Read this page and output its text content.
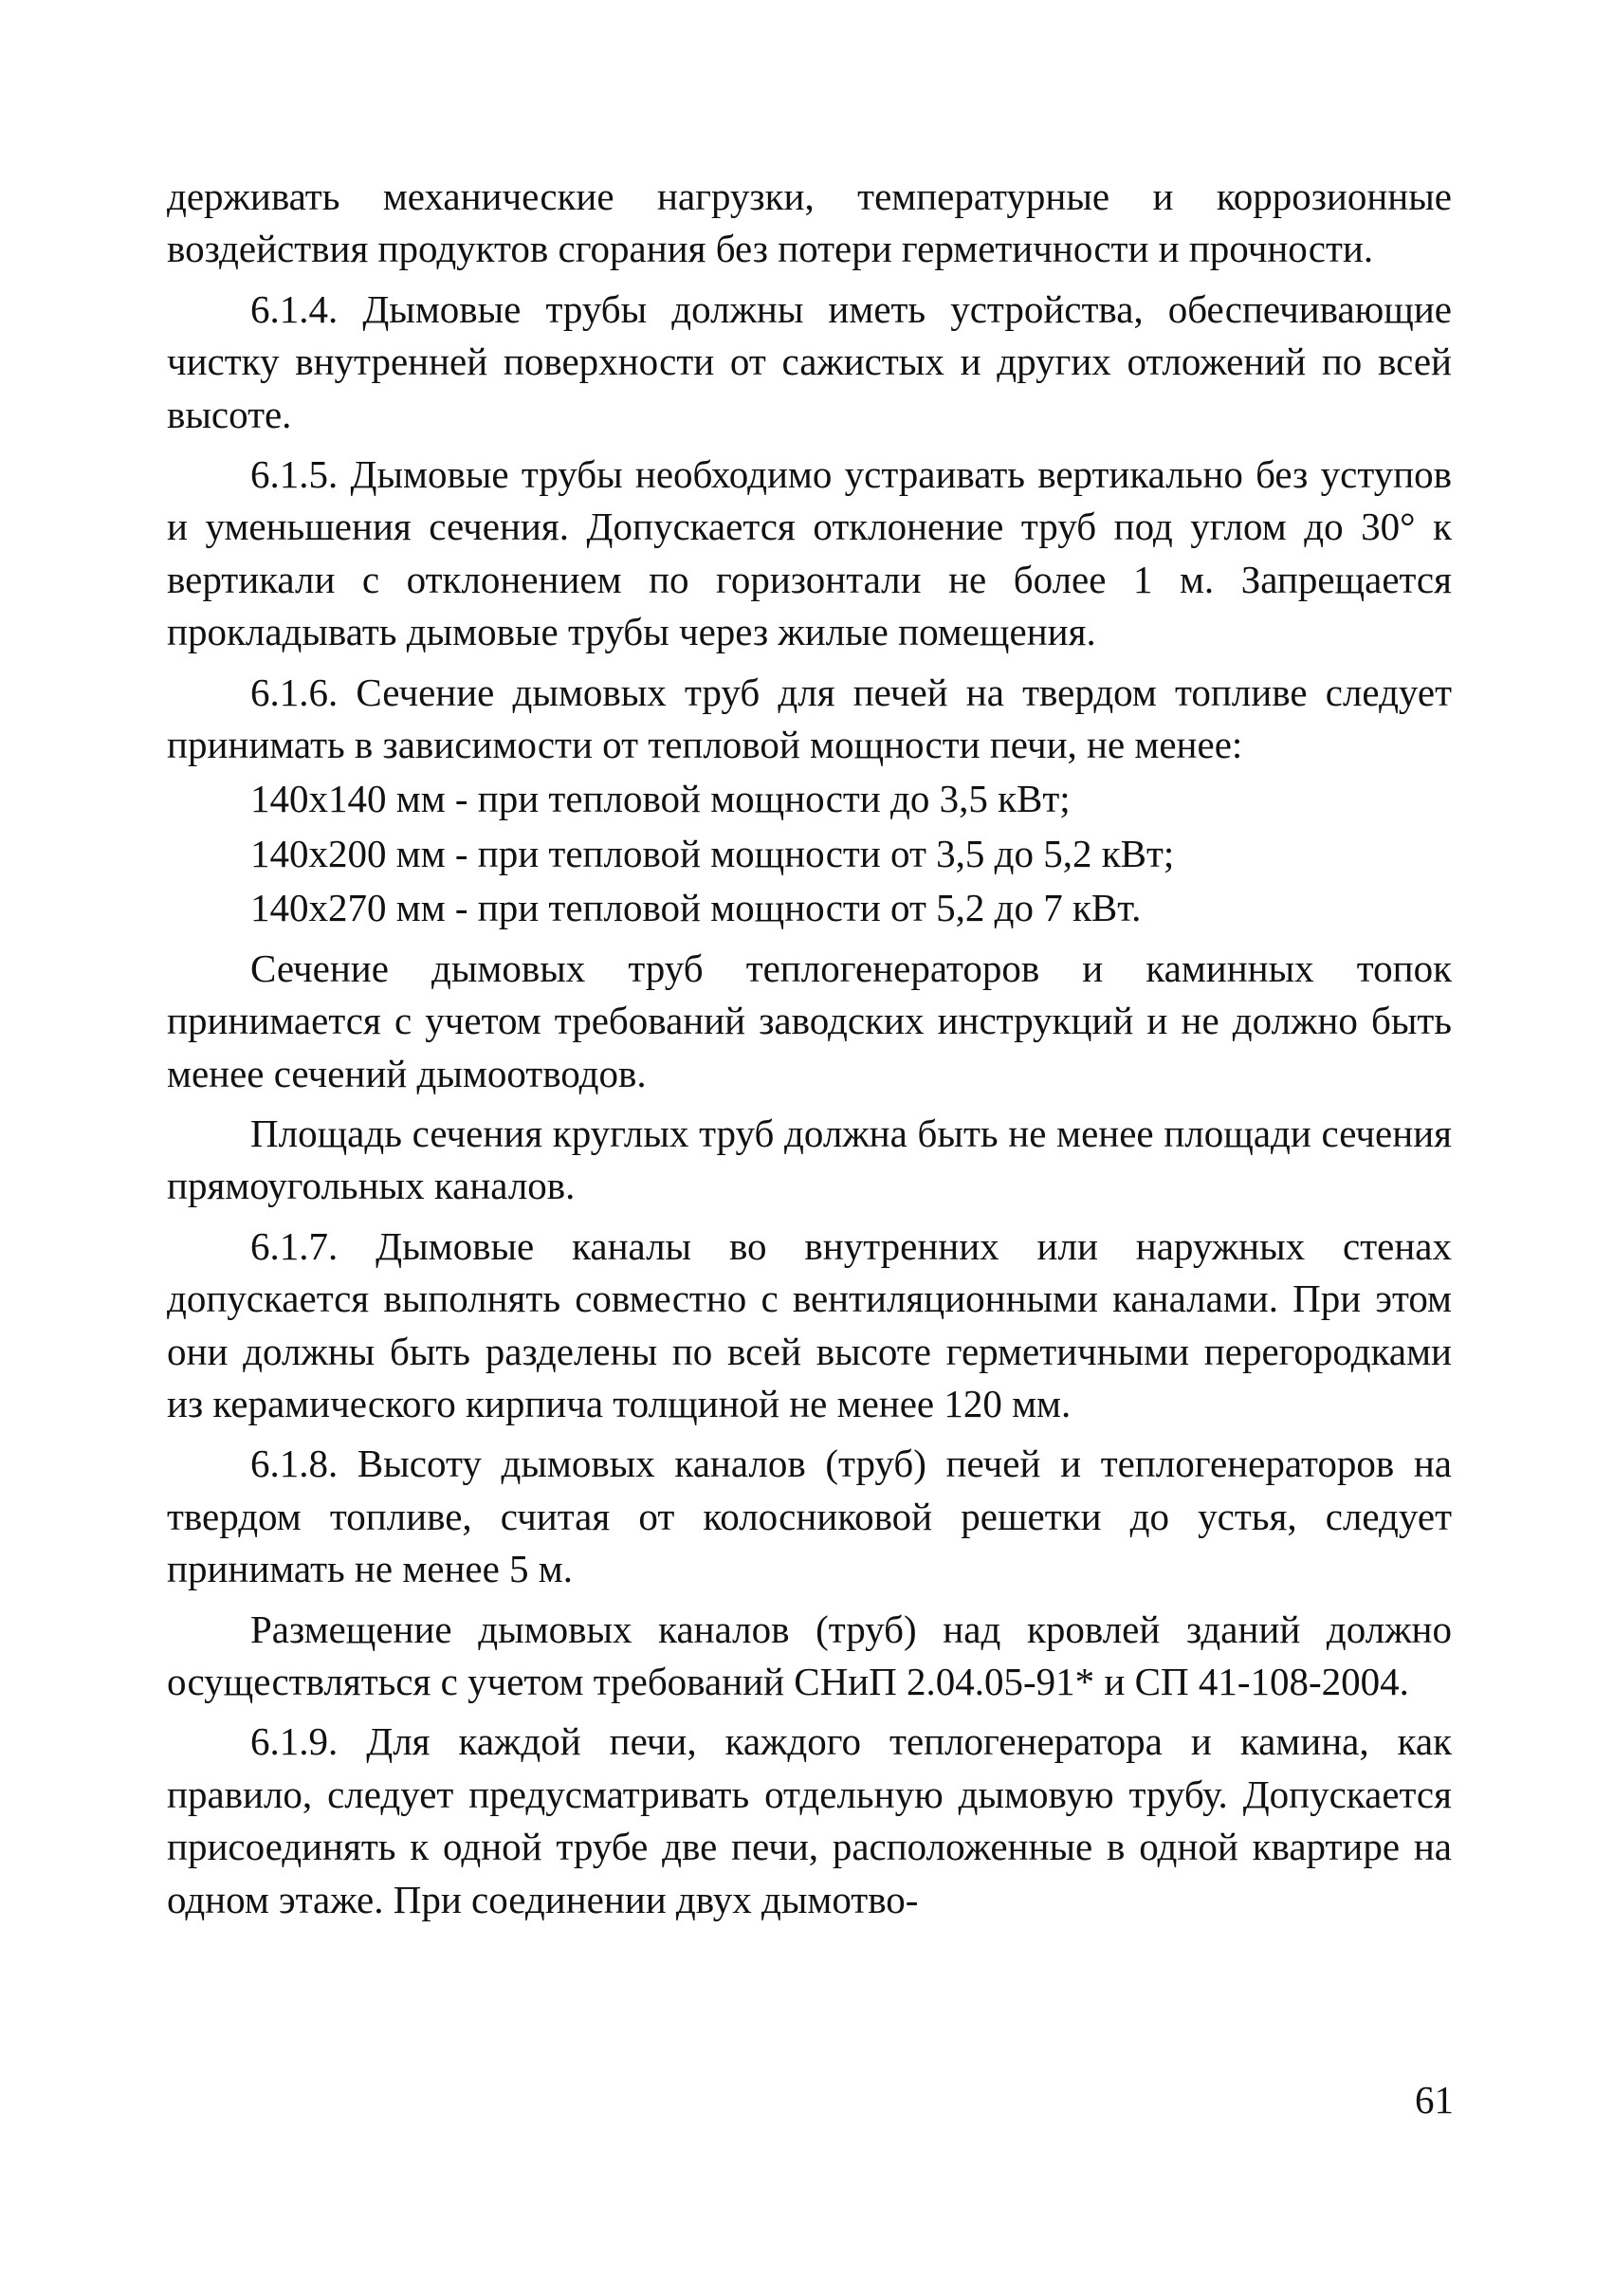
держивать механические нагрузки, температурные и коррозионные воздействия продуктов сгорания без потери герметичности и прочности.

6.1.4. Дымовые трубы должны иметь устройства, обеспечивающие чистку внутренней поверхности от сажистых и других отложений по всей высоте.

6.1.5. Дымовые трубы необходимо устраивать вертикально без уступов и уменьшения сечения. Допускается отклонение труб под углом до 30° к вертикали с отклонением по горизонтали не более 1 м. Запрещается прокладывать дымовые трубы через жилые помещения.

6.1.6. Сечение дымовых труб для печей на твердом топливе следует принимать в зависимости от тепловой мощности печи, не менее:

140x140 мм - при тепловой мощности до 3,5 кВт;
140x200 мм - при тепловой мощности от 3,5 до 5,2 кВт;
140x270 мм - при тепловой мощности от 5,2 до 7 кВт.

Сечение дымовых труб теплогенераторов и каминных топок принимается с учетом требований заводских инструкций и не должно быть менее сечений дымоотводов.

Площадь сечения круглых труб должна быть не менее площади сечения прямоугольных каналов.

6.1.7. Дымовые каналы во внутренних или наружных стенах допускается выполнять совместно с вентиляционными каналами. При этом они должны быть разделены по всей высоте герметичными перегородками из керамического кирпича толщиной не менее 120 мм.

6.1.8. Высоту дымовых каналов (труб) печей и теплогенераторов на твердом топливе, считая от колосниковой решетки до устья, следует принимать не менее 5 м.

Размещение дымовых каналов (труб) над кровлей зданий должно осуществляться с учетом требований СНиП 2.04.05-91* и СП 41-108-2004.

6.1.9. Для каждой печи, каждого теплогенератора и камина, как правило, следует предусматривать отдельную дымовую трубу. Допускается присоединять к одной трубе две печи, расположенные в одной квартире на одном этаже. При соединении двух дымотво-

61
